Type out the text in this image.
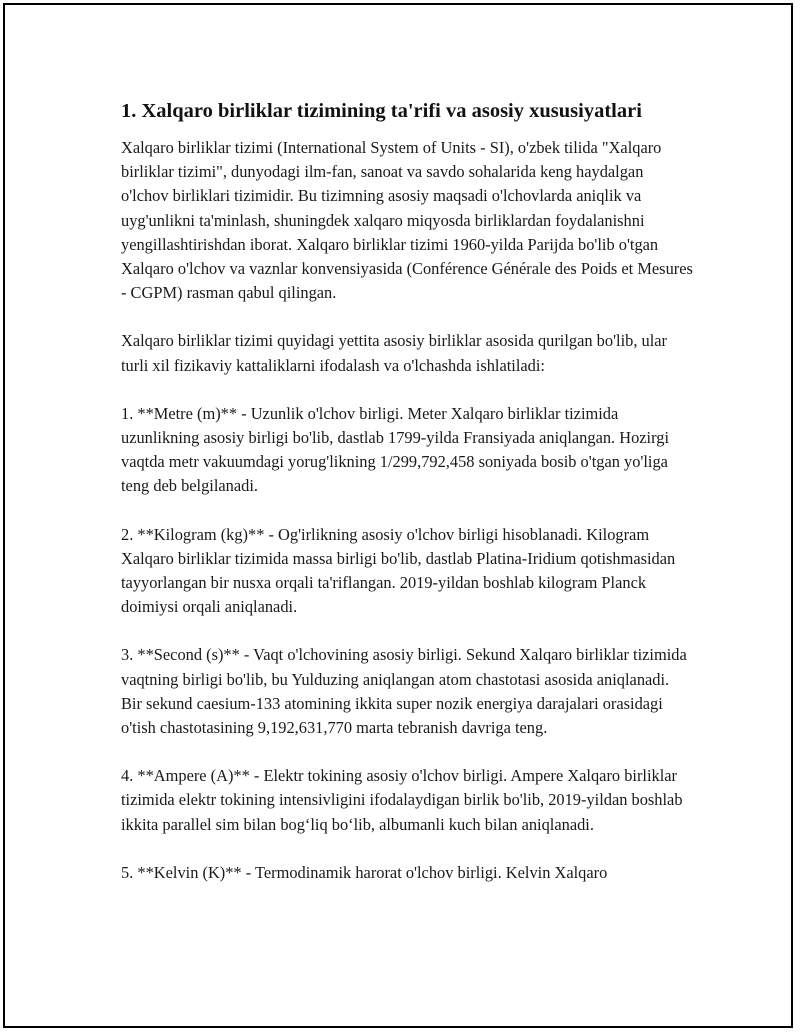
1. Xalqaro birliklar tizimining ta'rifi va asosiy xususiyatlari

Xalqaro birliklar tizimi (International System of Units - SI), o'zbek tilida "Xalqaro birliklar tizimi", dunyodagi ilm-fan, sanoat va savdo sohalarida keng haydalgan o'lchov birliklari tizimidir. Bu tizimning asosiy maqsadi o'lchovlarda aniqlik va uyg'unlikni ta'minlash, shuningdek xalqaro miqyosda birliklardan foydalanishni yengillashtirishdan iborat. Xalqaro birliklar tizimi 1960-yilda Parijda bo'lib o'tgan Xalqaro o'lchov va vaznlar konvensiyasida (Conférence Générale des Poids et Mesures - CGPM) rasman qabul qilingan.

Xalqaro birliklar tizimi quyidagi yettita asosiy birliklar asosida qurilgan bo'lib, ular turli xil fizikaviy kattaliklarni ifodalash va o'lchashda ishlatiladi:

1. **Metre (m)** - Uzunlik o'lchov birligi. Meter Xalqaro birliklar tizimida uzunlikning asosiy birligi bo'lib, dastlab 1799-yilda Fransiyada aniqlangan. Hozirgi vaqtda metr vakuumdagi yorug'likning 1/299,792,458 soniyada bosib o'tgan yo'liga teng deb belgilanadi.

2. **Kilogram (kg)** - Og'irlikning asosiy o'lchov birligi hisoblanadi. Kilogram Xalqaro birliklar tizimida massa birligi bo'lib, dastlab Platina-Iridium qotishmasidan tayyorlangan bir nusxa orqali ta'riflangan. 2019-yildan boshlab kilogram Planck doimiysi orqali aniqlanadi.

3. **Second (s)** - Vaqt o'lchovining asosiy birligi. Sekund Xalqaro birliklar tizimida vaqtning birligi bo'lib, bu Yulduzing aniqlangan atom chastotasi asosida aniqlanadi. Bir sekund caesium-133 atomining ikkita super nozik energiya darajalari orasidagi o'tish chastotasining 9,192,631,770 marta tebranish davriga teng.

4. **Ampere (A)** - Elektr tokining asosiy o'lchov birligi. Ampere Xalqaro birliklar tizimida elektr tokining intensivligini ifodalaydigan birlik bo'lib, 2019-yildan boshlab ikkita parallel sim bilan bog‘liq bo‘lib, albumanli kuch bilan aniqlanadi.

5. **Kelvin (K)** - Termodinamik harorat o'lchov birligi. Kelvin Xalqaro
